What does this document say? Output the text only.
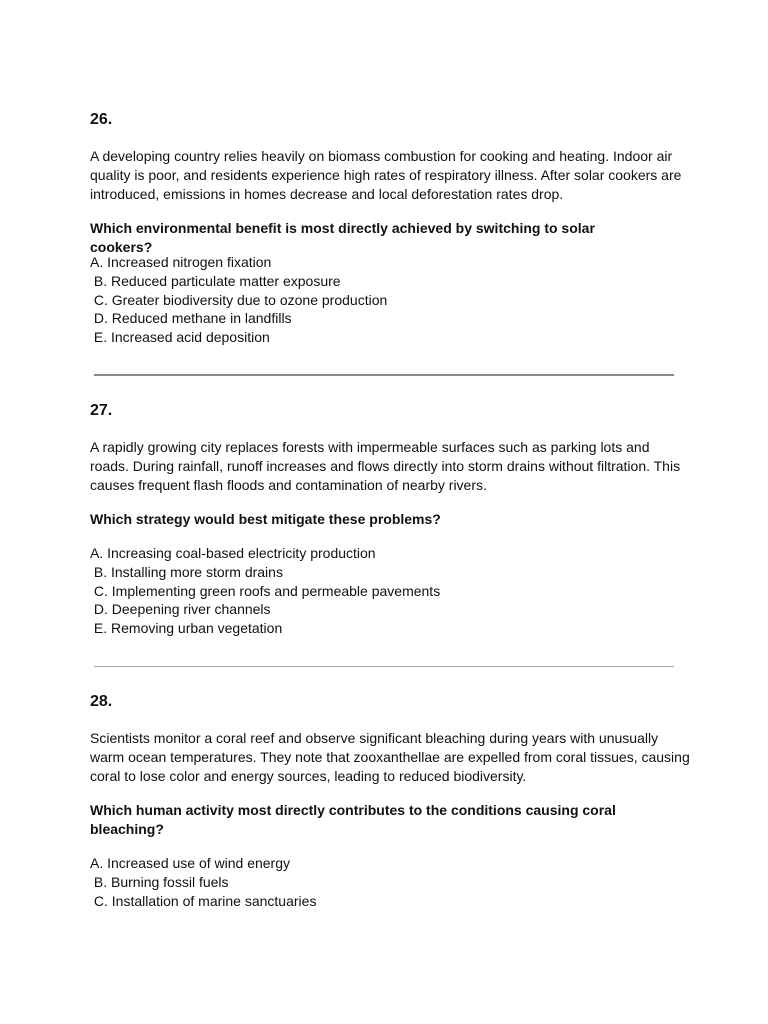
26.

A developing country relies heavily on biomass combustion for cooking and heating. Indoor air quality is poor, and residents experience high rates of respiratory illness. After solar cookers are introduced, emissions in homes decrease and local deforestation rates drop.

Which environmental benefit is most directly achieved by switching to solar cookers?

A. Increased nitrogen fixation
B. Reduced particulate matter exposure
C. Greater biodiversity due to ozone production
D. Reduced methane in landfills
E. Increased acid deposition

27.

A rapidly growing city replaces forests with impermeable surfaces such as parking lots and roads. During rainfall, runoff increases and flows directly into storm drains without filtration. This causes frequent flash floods and contamination of nearby rivers.

Which strategy would best mitigate these problems?

A. Increasing coal-based electricity production
B. Installing more storm drains
C. Implementing green roofs and permeable pavements
D. Deepening river channels
E. Removing urban vegetation

28.

Scientists monitor a coral reef and observe significant bleaching during years with unusually warm ocean temperatures. They note that zooxanthellae are expelled from coral tissues, causing coral to lose color and energy sources, leading to reduced biodiversity.

Which human activity most directly contributes to the conditions causing coral bleaching?

A. Increased use of wind energy
B. Burning fossil fuels
C. Installation of marine sanctuaries
